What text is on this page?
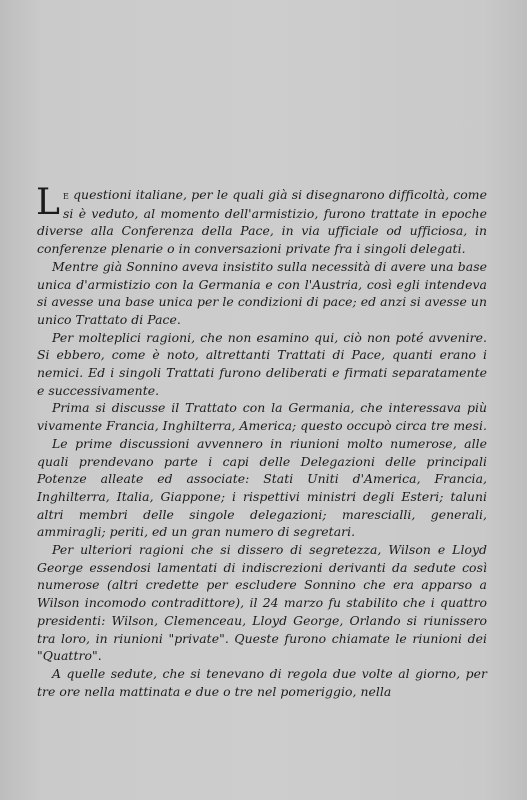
Le questioni italiane, per le quali già si disegnarono difficoltà, come si è veduto, al momento dell'armistizio, furono trattate in epoche diverse alla Conferenza della Pace, in via ufficiale od ufficiosa, in conferenze plenarie o in conversazioni private fra i singoli delegati.

Mentre già Sonnino aveva insistito sulla necessità di avere una base unica d'armistizio con la Germania e con l'Austria, così egli intendeva si avesse una base unica per le condizioni di pace; ed anzi si avesse un unico Trattato di Pace.

Per molteplici ragioni, che non esamino qui, ciò non poté avvenire. Si ebbero, come è noto, altrettanti Trattati di Pace, quanti erano i nemici. Ed i singoli Trattati furono deliberati e firmati separatamente e successivamente.

Prima si discusse il Trattato con la Germania, che interessava più vivamente Francia, Inghilterra, America; questo occupò circa tre mesi.

Le prime discussioni avvennero in riunioni molto numerose, alle quali prendevano parte i capi delle Delegazioni delle principali Potenze alleate ed associate: Stati Uniti d'America, Francia, Inghilterra, Italia, Giappone; i rispettivi ministri degli Esteri; taluni altri membri delle singole delegazioni; marescialli, generali, ammiragli; periti, ed un gran numero di segretari.

Per ulteriori ragioni che si dissero di segretezza, Wilson e Lloyd George essendosi lamentati di indiscrezioni derivanti da sedute così numerose (altri credette per escludere Sonnino che era apparso a Wilson incomodo contradittore), il 24 marzo fu stabilito che i quattro presidenti: Wilson, Clemenceau, Lloyd George, Orlando si riunissero tra loro, in riunioni "private". Queste furono chiamate le riunioni dei "Quattro".

A quelle sedute, che si tenevano di regola due volte al giorno, per tre ore nella mattinata e due o tre nel pomeriggio, nella
